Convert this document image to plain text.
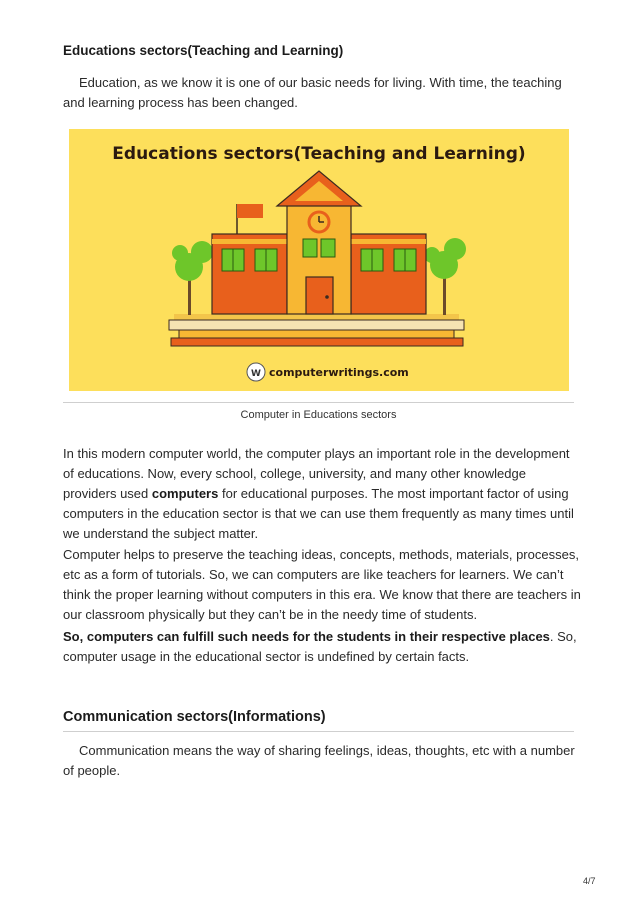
Educations sectors(Teaching and Learning)
Education, as we know it is one of our basic needs for living. With time, the teaching and learning process has been changed.
Educations sectors(Teaching and Learning)
W computerwritings.com
Computer in Educations sectors
In this modern computer world, the computer plays an important role in the development of educations. Now, every school, college, university, and many other knowledge providers used computers for educational purposes. The most important factor of using computers in the education sector is that we can use them frequently as many times until we understand the subject matter.
Computer helps to preserve the teaching ideas, concepts, methods, materials, processes, etc as a form of tutorials. So, we can computers are like teachers for learners. We can’t think the proper learning without computers in this era. We know that there are teachers in our classroom physically but they can’t be in the needy time of students.
So, computers can fulfill such needs for the students in their respective places. So, computer usage in the educational sector is undefined by certain facts.
Communication sectors(Informations)
Communication means the way of sharing feelings, ideas, thoughts, etc with a number of people.
4/7
